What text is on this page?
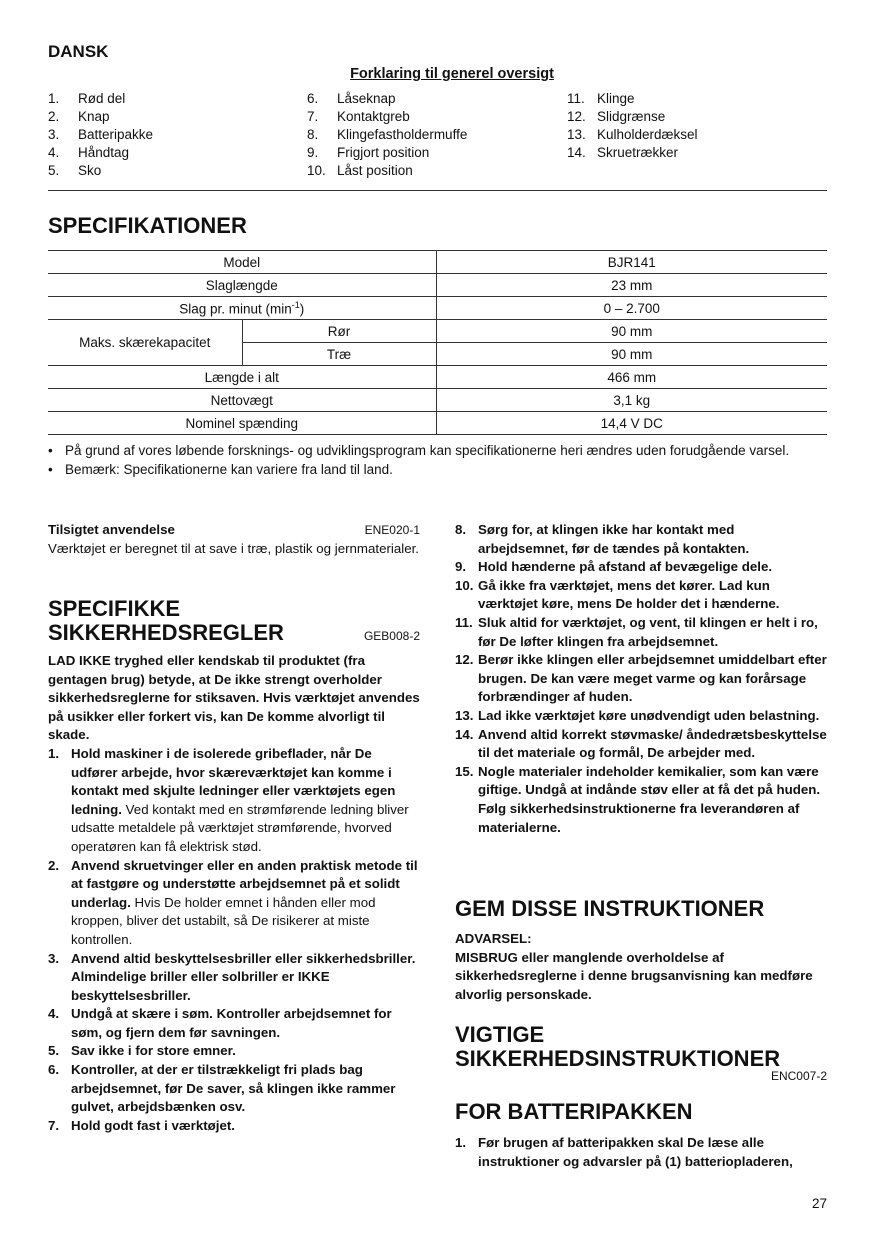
DANSK
Forklaring til generel oversigt
1.	Rød del
2.	Knap
3.	Batteripakke
4.	Håndtag
5.	Sko
6.	Låseknap
7.	Kontaktgreb
8.	Klingefastholdermuffe
9.	Frigjort position
10. Låst position
11. Klinge
12. Slidgrænse
13. Kulholderdæksel
14. Skruetrækker
SPECIFIKATIONER
Model		BJR141
Slaglængde		23 mm
Slag pr. minut $(\min^{-1})$		0 – 2.700
Maks. skærekapacitet	Rør	90 mm
	Træ	90 mm
Længde i alt		466 mm
Nettovægt		3,1 kg
Nominel spænding		14,4 V DC
• På grund af vores løbende forsknings- og udviklingsprogram kan specifikationerne heri ændres uden forudgående varsel.
• Bemærk: Specifikationerne kan variere fra land til land.
Tilsigtet anvendelse	ENE020-1
Værktøjet er beregnet til at save i træ, plastik og jernmaterialer.
SPECIFIKKE
SIKKERHEDSREGLER	GEB008-2
LAD IKKE tryghed eller kendskab til produktet (fra gentagen brug) betyde, at De ikke strengt overholder sikkerhedsreglerne for stiksaven. Hvis værktøjet anvendes på usikker eller forkert vis, kan De komme alvorligt til skade.
1. Hold maskiner i de isolerede gribeflader, når De udfører arbejde, hvor skæreværktøjet kan komme i kontakt med skjulte ledninger eller værktøjets egen ledning. Ved kontakt med en strømførende ledning bliver udsatte metaldele på værktøjet strømførende, hvorved operatøren kan få elektrisk stød.
2. Anvend skruetvinger eller en anden praktisk metode til at fastgøre og understøtte arbejdsemnet på et solidt underlag. Hvis De holder emnet i hånden eller mod kroppen, bliver det ustabilt, så De risikerer at miste kontrollen.
3. Anvend altid beskyttelsesbriller eller sikkerhedsbriller. Almindelige briller eller solbriller er IKKE beskyttelsesbriller.
4. Undgå at skære i søm. Kontroller arbejdsemnet for søm, og fjern dem før savningen.
5. Sav ikke i for store emner.
6. Kontroller, at der er tilstrækkeligt fri plads bag arbejdsemnet, før De saver, så klingen ikke rammer gulvet, arbejdsbænken osv.
7. Hold godt fast i værktøjet.
8. Sørg for, at klingen ikke har kontakt med arbejdsemnet, før de tændes på kontakten.
9. Hold hænderne på afstand af bevægelige dele.
10. Gå ikke fra værktøjet, mens det kører. Lad kun værktøjet køre, mens De holder det i hænderne.
11. Sluk altid for værktøjet, og vent, til klingen er helt i ro, før De løfter klingen fra arbejdsemnet.
12. Berør ikke klingen eller arbejdsemnet umiddelbart efter brugen. De kan være meget varme og kan forårsage forbrændinger af huden.
13. Lad ikke værktøjet køre unødvendigt uden belastning.
14. Anvend altid korrekt støvmaske/ åndedrætsbeskyttelse til det materiale og formål, De arbejder med.
15. Nogle materialer indeholder kemikalier, som kan være giftige. Undgå at indånde støv eller at få det på huden. Følg sikkerhedsinstruktionerne fra leverandøren af materialerne.
GEM DISSE INSTRUKTIONER
ADVARSEL:
MISBRUG eller manglende overholdelse af sikkerhedsreglerne i denne brugsanvisning kan medføre alvorlig personskade.
VIGTIGE
SIKKERHEDSINSTRUKTIONER
ENC007-2
FOR BATTERIPAKKEN
1. Før brugen af batteripakken skal De læse alle instruktioner og advarsler på (1) batteriopladeren,
27
